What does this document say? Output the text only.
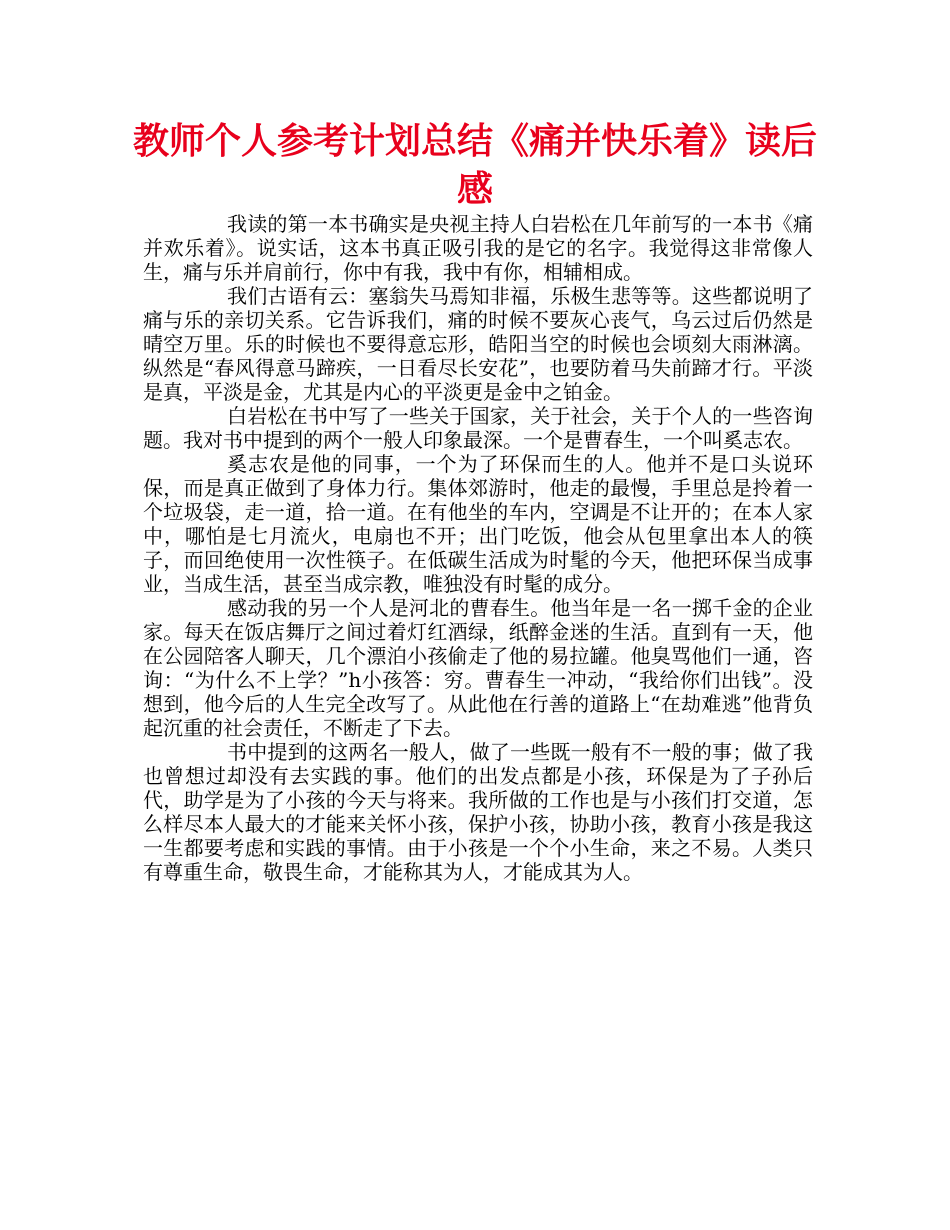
教师个人参考计划总结《痛并快乐着》读后感

我读的第一本书确实是央视主持人白岩松在几年前写的一本书《痛并欢乐着》。说实话，这本书真正吸引我的是它的名字。我觉得这非常像人生，痛与乐并肩前行，你中有我，我中有你，相辅相成。

我们古语有云：塞翁失马焉知非福，乐极生悲等等。这些都说明了痛与乐的亲切关系。它告诉我们，痛的时候不要灰心丧气，乌云过后仍然是晴空万里。乐的时候也不要得意忘形，皓阳当空的时候也会顷刻大雨淋漓。纵然是“春风得意马蹄疾，一日看尽长安花”，也要防着马失前蹄才行。平淡是真，平淡是金，尤其是内心的平淡更是金中之铂金。

白岩松在书中写了一些关于国家，关于社会，关于个人的一些咨询题。我对书中提到的两个一般人印象最深。一个是曹春生，一个叫奚志农。

奚志农是他的同事，一个为了环保而生的人。他并不是口头说环保，而是真正做到了身体力行。集体郊游时，他走的最慢，手里总是拎着一个垃圾袋，走一道，拾一道。在有他坐的车内，空调是不让开的；在本人家中，哪怕是七月流火，电扇也不开；出门吃饭，他会从包里拿出本人的筷子，而回绝使用一次性筷子。在低碳生活成为时髦的今天，他把环保当成事业，当成生活，甚至当成宗教，唯独没有时髦的成分。

感动我的另一个人是河北的曹春生。他当年是一名一掷千金的企业家。每天在饭店舞厅之间过着灯红酒绿，纸醉金迷的生活。直到有一天，他在公园陪客人聊天，几个漂泊小孩偷走了他的易拉罐。他臭骂他们一通，咨询：“为什么不上学？”h小孩答：穷。曹春生一冲动，“我给你们出钱”。没想到，他今后的人生完全改写了。从此他在行善的道路上“在劫难逃”他背负起沉重的社会责任，不断走了下去。

书中提到的这两名一般人，做了一些既一般有不一般的事；做了我也曾想过却没有去实践的事。他们的出发点都是小孩，环保是为了子孙后代，助学是为了小孩的今天与将来。我所做的工作也是与小孩们打交道，怎么样尽本人最大的才能来关怀小孩，保护小孩，协助小孩，教育小孩是我这一生都要考虑和实践的事情。由于小孩是一个个小生命，来之不易。人类只有尊重生命，敬畏生命，才能称其为人，才能成其为人。
